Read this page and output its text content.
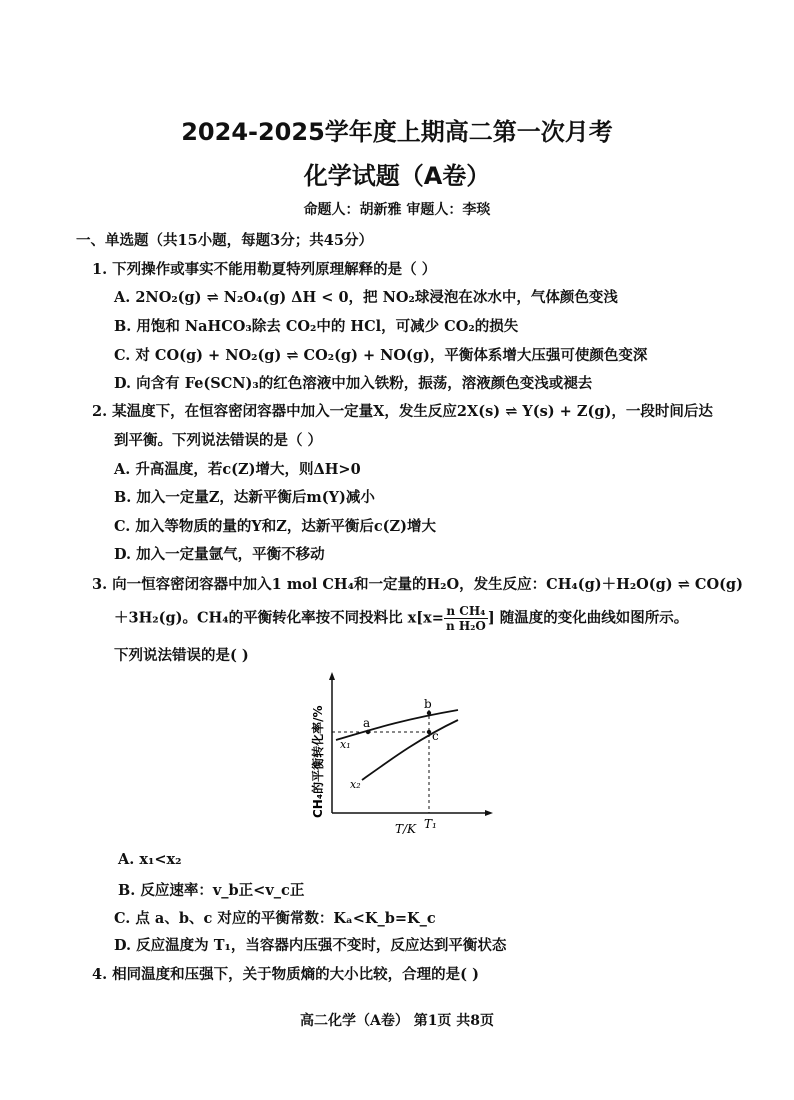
2024-2025学年度上期高二第一次月考
化学试题（A卷）
命题人：胡新雅 审题人：李琰
一、单选题（共15小题，每题3分；共45分）
1. 下列操作或事实不能用勒夏特列原理解释的是（ ）
A. 2NO₂(g) ⇌ N₂O₄(g) ΔH < 0，把 NO₂球浸泡在冰水中，气体颜色变浅
B. 用饱和 NaHCO₃除去 CO₂中的 HCl，可减少 CO₂的损失
C. 对 CO(g) + NO₂(g) ⇌ CO₂(g) + NO(g)，平衡体系增大压强可使颜色变深
D. 向含有 Fe(SCN)₃的红色溶液中加入铁粉，振荡，溶液颜色变浅或褪去
2. 某温度下，在恒容密闭容器中加入一定量X，发生反应2X(s) ⇌ Y(s) + Z(g)，一段时间后达
到平衡。下列说法错误的是（ ）
A. 升高温度，若c(Z)增大，则ΔH>0
B. 加入一定量Z，达新平衡后m(Y)减小
C. 加入等物质的量的Y和Z，达新平衡后c(Z)增大
D. 加入一定量氩气，平衡不移动
3. 向一恒容密闭容器中加入1 mol CH₄和一定量的H₂O，发生反应：CH₄(g)＋H₂O(g) ⇌ CO(g)
＋3H₂(g)。CH₄的平衡转化率按不同投料比 $x[x= \frac{\text{n CH₄}}{\text{n H₂O}}$ ] 随温度的变化曲线如图所示。
下列说法错误的是( )
a
b
c
x₁
x₂
T/K T₁
CH₄的平衡转化率/%
A. x₁<x₂
B. 反应速率：v_b正<v_c正
C. 点 a、b、c 对应的平衡常数：Kₐ<K_b=K_c
D. 反应温度为 T₁，当容器内压强不变时，反应达到平衡状态
4. 相同温度和压强下，关于物质熵的大小比较，合理的是( )
高二化学（A卷） 第1页 共8页
